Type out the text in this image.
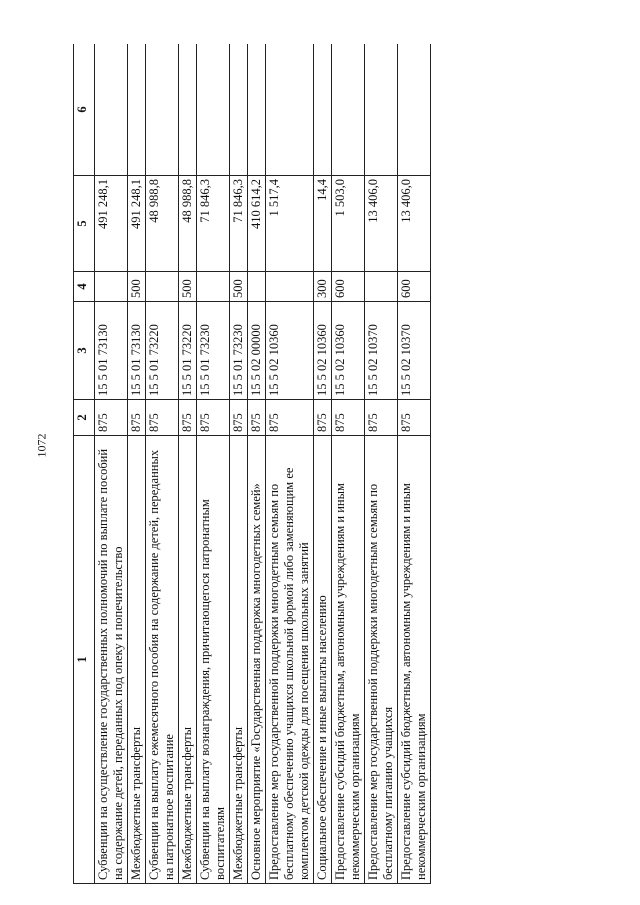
1072
1	2	3	4	5	6
Субвенции на осуществление государственных полномочий по выплате пособий на содержание детей, переданных под опеку и попечительство	875	15 5 01 73130		491 248,1	
Межбюджетные трансферты	875	15 5 01 73130	500	491 248,1	
Субвенции на выплату ежемесячного пособия на содержание детей, переданных на патронатное воспитание	875	15 5 01 73220		48 988,8	
Межбюджетные трансферты	875	15 5 01 73220	500	48 988,8	
Субвенции на выплату вознаграждения, причитающегося патронатным воспитателям	875	15 5 01 73230		71 846,3	
Межбюджетные трансферты	875	15 5 01 73230	500	71 846,3	
Основное мероприятие «Государственная поддержка многодетных семей»	875	15 5 02 00000		410 614,2	
Предоставление мер государственной поддержки многодетным семьям по бесплатному обеспечению учащихся школьной формой либо заменяющим ее комплектом детской одежды для посещения школьных занятий	875	15 5 02 10360		1 517,4	
Социальное обеспечение и иные выплаты населению	875	15 5 02 10360	300	14,4	
Предоставление субсидий бюджетным, автономным учреждениям и иным некоммерческим организациям	875	15 5 02 10360	600	1 503,0	
Предоставление мер государственной поддержки многодетным семьям по бесплатному питанию учащихся	875	15 5 02 10370		13 406,0	
Предоставление субсидий бюджетным, автономным учреждениям и иным некоммерческим организациям	875	15 5 02 10370	600	13 406,0	
